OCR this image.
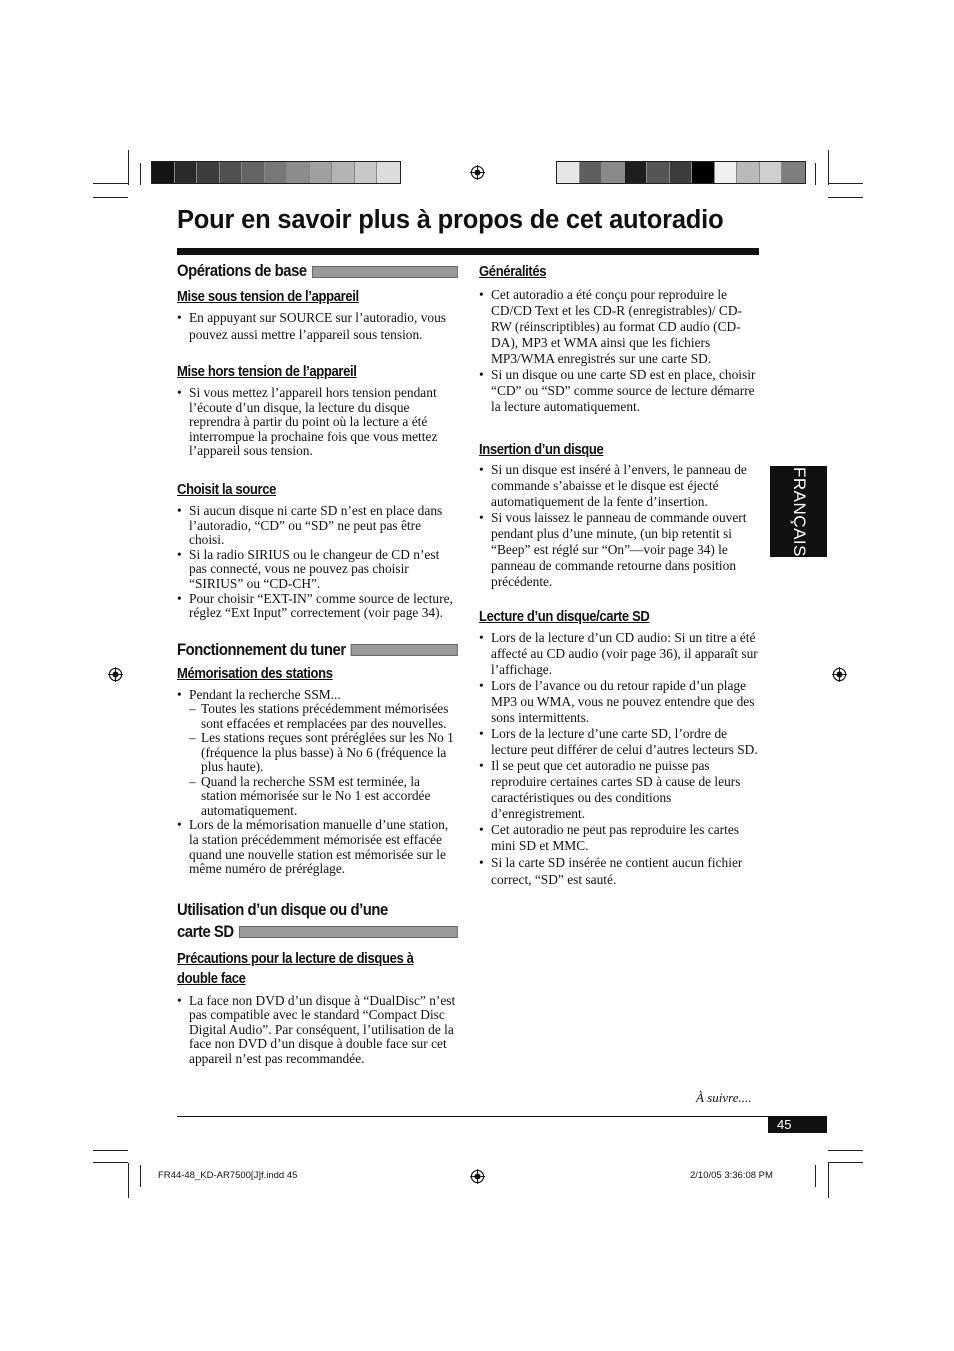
Pour en savoir plus à propos de cet autoradio
Opérations de base
Mise sous tension de l’appareil
• En appuyant sur SOURCE sur l’autoradio, vous pouvez aussi mettre l’appareil sous tension.
Mise hors tension de l’appareil
• Si vous mettez l’appareil hors tension pendant l’écoute d’un disque, la lecture du disque reprendra à partir du point où la lecture a été interrompue la prochaine fois que vous mettez l’appareil sous tension.
Choisit la source
• Si aucun disque ni carte SD n’est en place dans l’autoradio, “CD” ou “SD” ne peut pas être choisi.
• Si la radio SIRIUS ou le changeur de CD n’est pas connecté, vous ne pouvez pas choisir “SIRIUS” ou “CD-CH”.
• Pour choisir “EXT-IN” comme source de lecture, réglez “Ext Input” correctement (voir page 34).
Fonctionnement du tuner
Mémorisation des stations
• Pendant la recherche SSM...
– Toutes les stations précédemment mémorisées sont effacées et remplacées par des nouvelles.
– Les stations reçues sont préréglées sur les No 1 (fréquence la plus basse) à No 6 (fréquence la plus haute).
– Quand la recherche SSM est terminée, la station mémorisée sur le No 1 est accordée automatiquement.
• Lors de la mémorisation manuelle d’une station, la station précédemment mémorisée est effacée quand une nouvelle station est mémorisée sur le même numéro de préréglage.
Utilisation d’un disque ou d’une
carte SD
Précautions pour la lecture de disques à
double face
• La face non DVD d’un disque à “DualDisc” n’est pas compatible avec le standard “Compact Disc Digital Audio”. Par conséquent, l’utilisation de la face non DVD d’un disque à double face sur cet appareil n’est pas recommandée.
Généralités
• Cet autoradio a été conçu pour reproduire le CD/CD Text et les CD-R (enregistrables)/ CD-RW (réinscriptibles) au format CD audio (CD-DA), MP3 et WMA ainsi que les fichiers MP3/WMA enregistrés sur une carte SD.
• Si un disque ou une carte SD est en place, choisir “CD” ou “SD” comme source de lecture démarre la lecture automatiquement.
Insertion d’un disque
• Si un disque est inséré à l’envers, le panneau de commande s’abaisse et le disque est éjecté automatiquement de la fente d’insertion.
• Si vous laissez le panneau de commande ouvert pendant plus d’une minute, (un bip retentit si “Beep” est réglé sur “On”—voir page 34) le panneau de commande retourne dans position précédente.
Lecture d’un disque/carte SD
• Lors de la lecture d’un CD audio: Si un titre a été affecté au CD audio (voir page 36), il apparaît sur l’affichage.
• Lors de l’avance ou du retour rapide d’un plage MP3 ou WMA, vous ne pouvez entendre que des sons intermittents.
• Lors de la lecture d’une carte SD, l’ordre de lecture peut différer de celui d’autres lecteurs SD.
• Il se peut que cet autoradio ne puisse pas reproduire certaines cartes SD à cause de leurs caractéristiques ou des conditions d’enregistrement.
• Cet autoradio ne peut pas reproduire les cartes mini SD et MMC.
• Si la carte SD insérée ne contient aucun fichier correct, “SD” est sauté.
FRANÇAIS
À suivre....
45
FR44-48_KD-AR7500[J]f.indd 45	2/10/05 3:36:08 PM
